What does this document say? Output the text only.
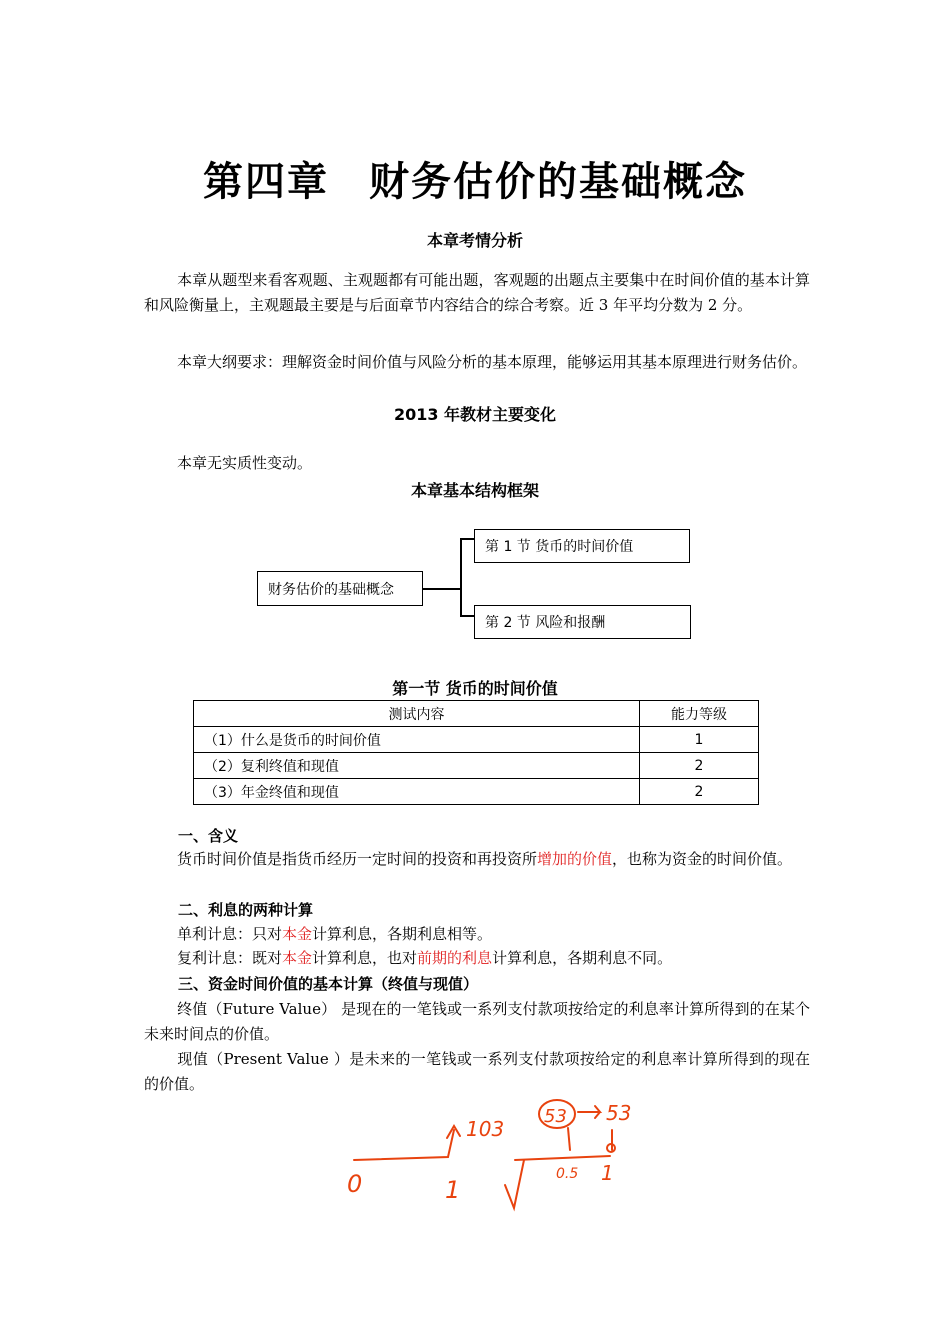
第四章 财务估价的基础概念
本章考情分析
本章从题型来看客观题、主观题都有可能出题，客观题的出题点主要集中在时间价值的基本计算和风险衡量上，主观题最主要是与后面章节内容结合的综合考察。近 3 年平均分数为 2 分。
本章大纲要求：理解资金时间价值与风险分析的基本原理，能够运用其基本原理进行财务估价。
2013 年教材主要变化
本章无实质性变动。
本章基本结构框架
财务估价的基础概念
第 1 节 货币的时间价值
第 2 节 风险和报酬
第一节 货币的时间价值
测试内容	能力等级
（1）什么是货币的时间价值	1
（2）复利终值和现值	2
（3）年金终值和现值	2
一、含义
货币时间价值是指货币经历一定时间的投资和再投资所增加的价值，也称为资金的时间价值。
二、利息的两种计算
单利计息：只对本金计算利息，各期利息相等。
复利计息：既对本金计算利息，也对前期的利息计算利息，各期利息不同。
三、资金时间价值的基本计算（终值与现值）
终值（Future Value） 是现在的一笔钱或一系列支付款项按给定的利息率计算所得到的在某个未来时间点的价值。
现值（Present Value ）是未来的一笔钱或一系列支付款项按给定的利息率计算所得到的现在的价值。
0	1
103
53 53
0.5 1
